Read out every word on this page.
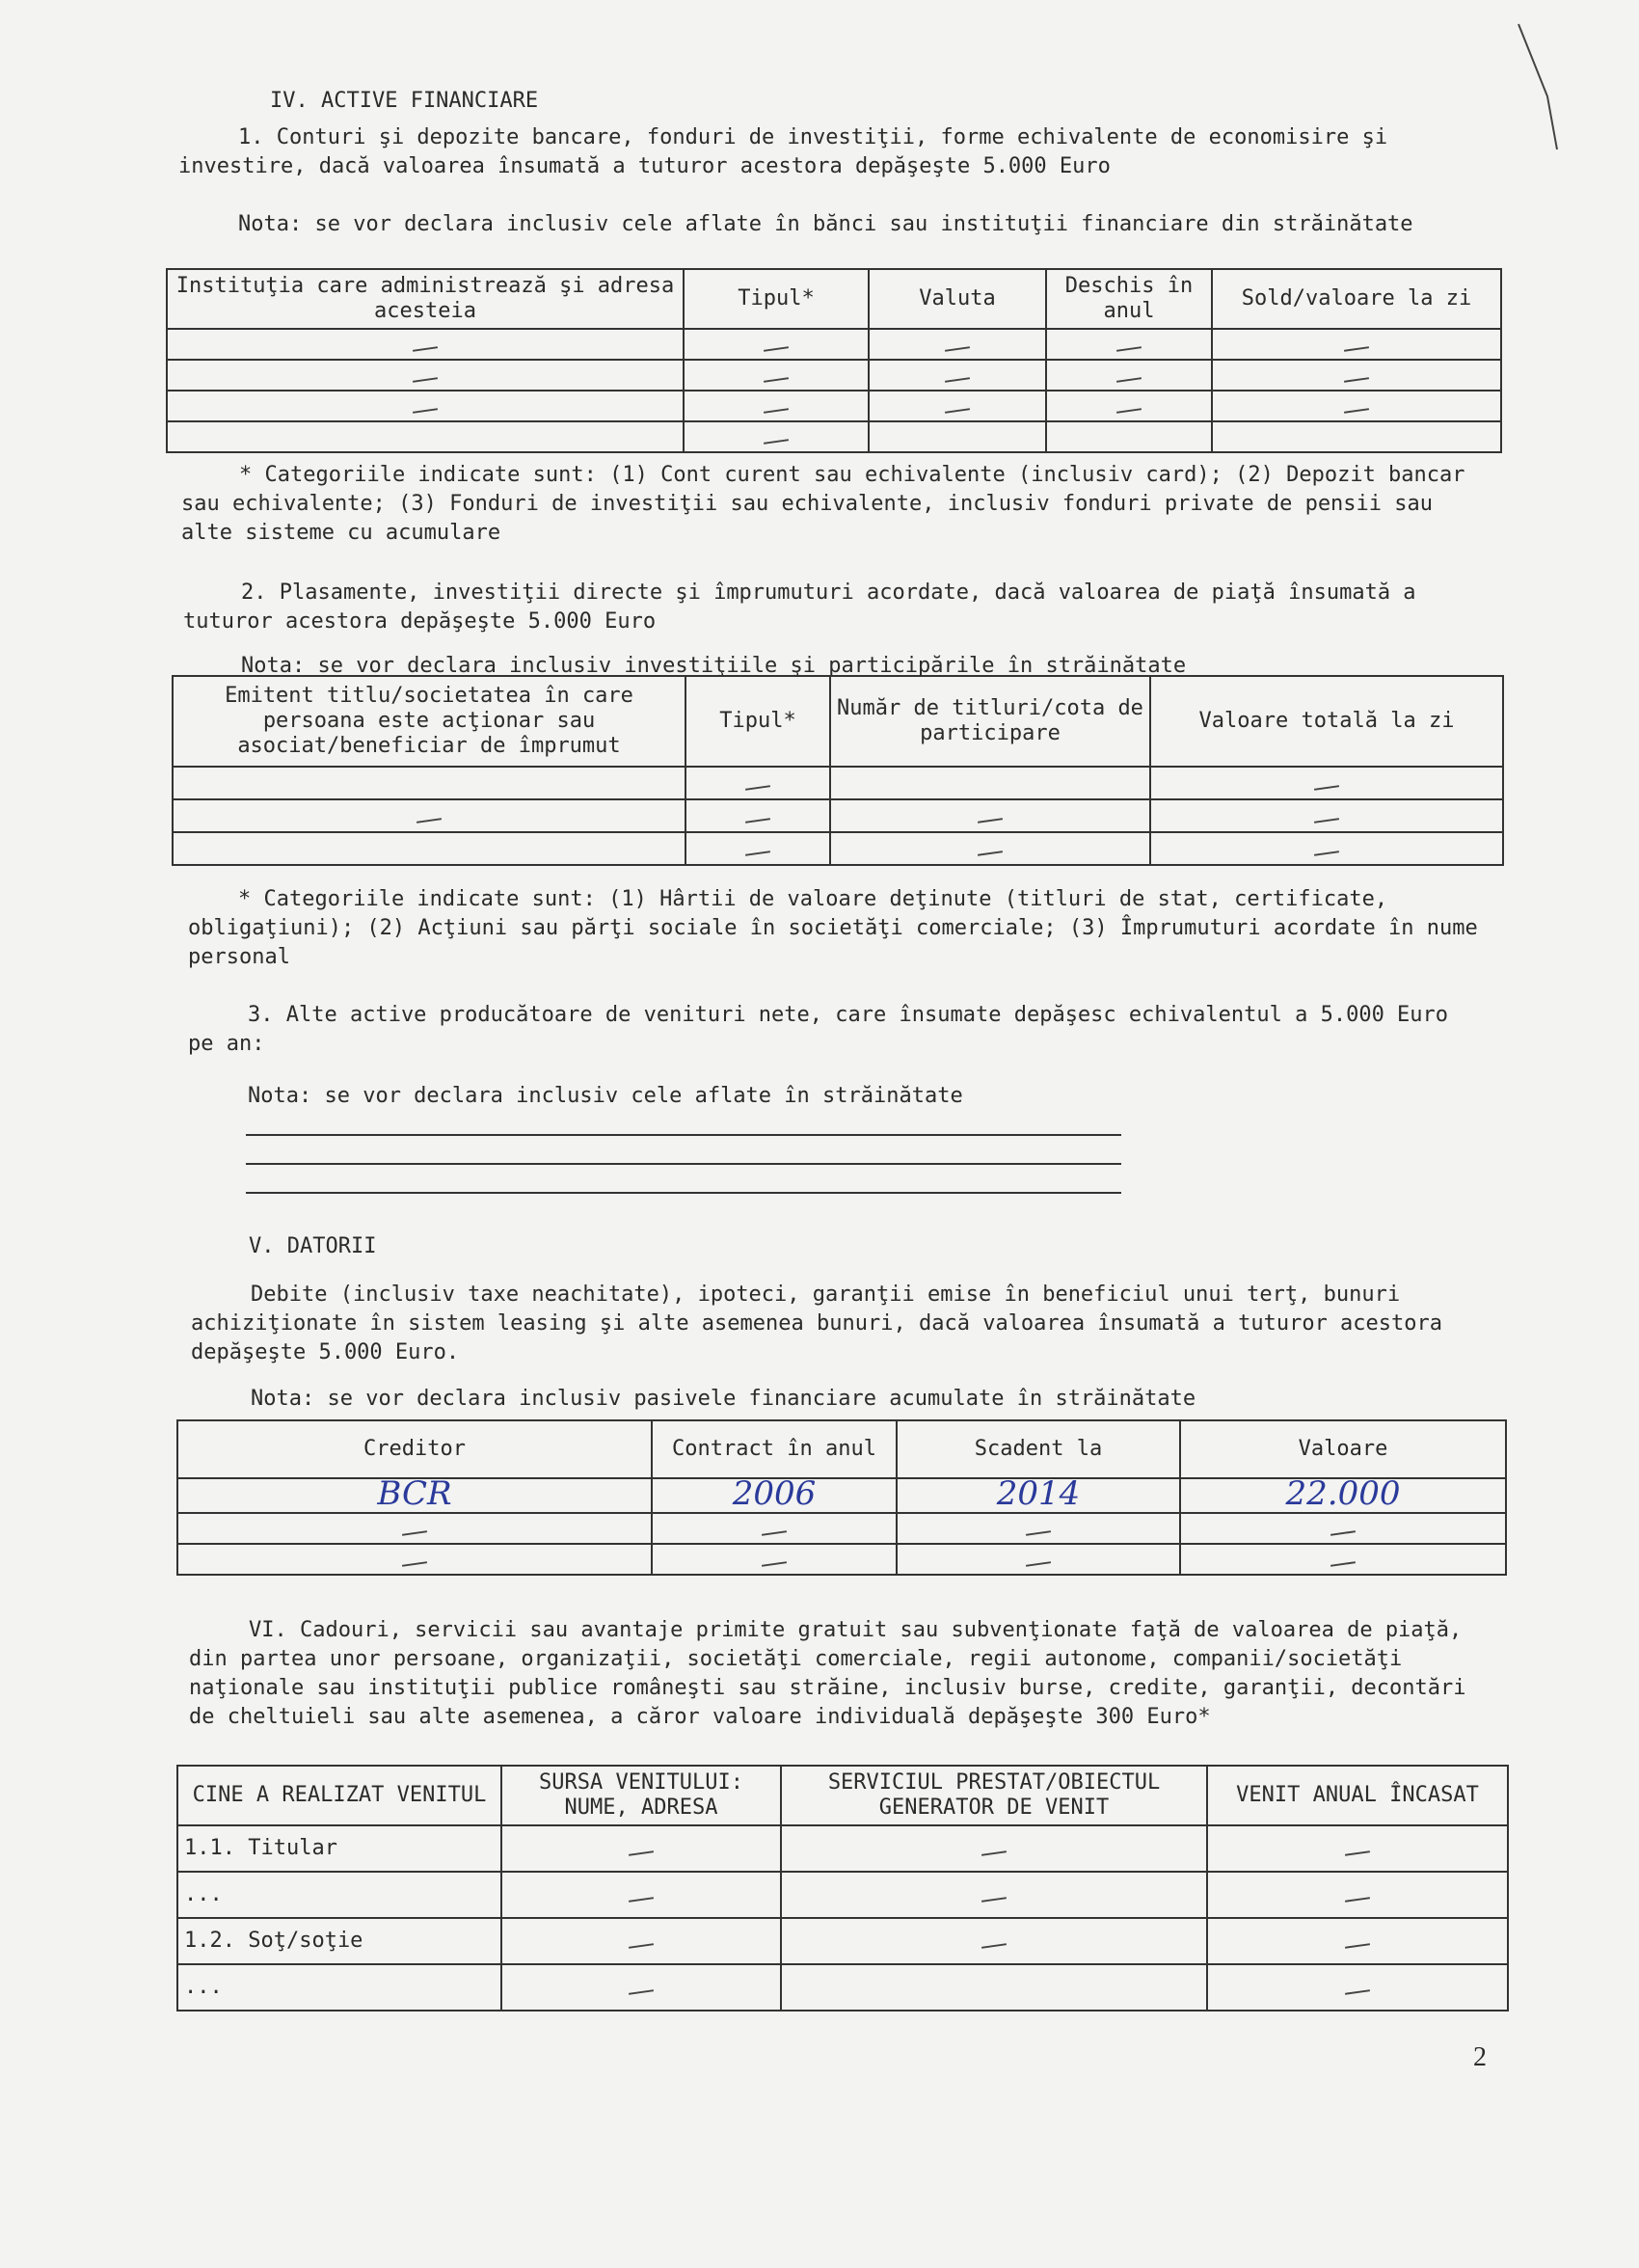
IV. ACTIVE FINANCIARE
1. Conturi şi depozite bancare, fonduri de investiţii, forme echivalente de economisire şi investire, dacă valoarea însumată a tuturor acestora depăşeşte 5.000 Euro
Nota: se vor declara inclusiv cele aflate în bănci sau instituţii financiare din străinătate
Instituţia care administrează şi adresa acesteia	Tipul*	Valuta	Deschis în anul	Sold/valoare la zi

* Categoriile indicate sunt: (1) Cont curent sau echivalente (inclusiv card); (2) Depozit bancar sau echivalente; (3) Fonduri de investiţii sau echivalente, inclusiv fonduri private de pensii sau alte sisteme cu acumulare
2. Plasamente, investiţii directe şi împrumuturi acordate, dacă valoarea de piaţă însumată a tuturor acestora depăşeşte 5.000 Euro
Nota: se vor declara inclusiv investiţiile şi participările în străinătate
Emitent titlu/societatea în care persoana este acţionar sau asociat/beneficiar de împrumut	Tipul*	Număr de titluri/cota de participare	Valoare totală la zi

* Categoriile indicate sunt: (1) Hârtii de valoare deţinute (titluri de stat, certificate, obligaţiuni); (2) Acţiuni sau părţi sociale în societăţi comerciale; (3) Împrumuturi acordate în nume personal
3. Alte active producătoare de venituri nete, care însumate depăşesc echivalentul a 5.000 Euro pe an:
Nota: se vor declara inclusiv cele aflate în străinătate
V. DATORII
Debite (inclusiv taxe neachitate), ipoteci, garanţii emise în beneficiul unui terţ, bunuri achiziţionate în sistem leasing şi alte asemenea bunuri, dacă valoarea însumată a tuturor acestora depăşeşte 5.000 Euro.
Nota: se vor declara inclusiv pasivele financiare acumulate în străinătate
Creditor	Contract în anul	Scadent la	Valoare
BCR	2006	2014	22.000

VI. Cadouri, servicii sau avantaje primite gratuit sau subvenţionate faţă de valoarea de piaţă, din partea unor persoane, organizaţii, societăţi comerciale, regii autonome, companii/societăţi naţionale sau instituţii publice româneşti sau străine, inclusiv burse, credite, garanţii, decontări de cheltuieli sau alte asemenea, a căror valoare individuală depăşeşte 300 Euro*
CINE A REALIZAT VENITUL	SURSA VENITULUI: NUME, ADRESA	SERVICIUL PRESTAT/OBIECTUL GENERATOR DE VENIT	VENIT ANUAL ÎNCASAT
1.1. Titular			
...			
1.2. Soţ/soţie			
...			
2
